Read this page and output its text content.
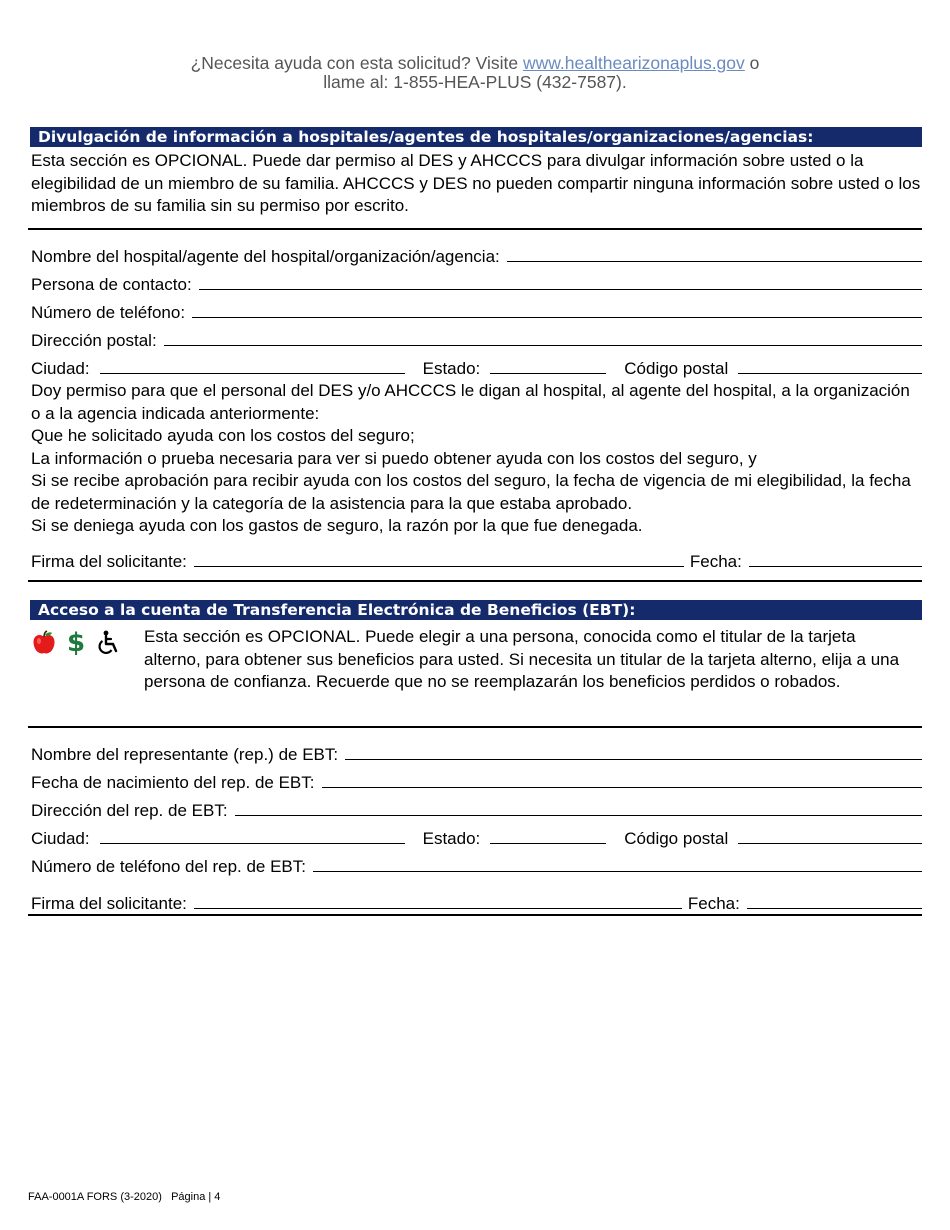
¿Necesita ayuda con esta solicitud? Visite www.healthearizonaplus.gov o
llame al: 1-855-HEA-PLUS (432-7587).
Divulgación de información a hospitales/agentes de hospitales/organizaciones/agencias:
Esta sección es OPCIONAL. Puede dar permiso al DES y AHCCCS para divulgar información sobre usted o la elegibilidad de un miembro de su familia. AHCCCS y DES no pueden compartir ninguna información sobre usted o los miembros de su familia sin su permiso por escrito.
Nombre del hospital/agente del hospital/organización/agencia:
Persona de contacto:
Número de teléfono:
Dirección postal:
Ciudad:	Estado:	Código postal
Doy permiso para que el personal del DES y/o AHCCCS le digan al hospital, al agente del hospital, a la organización o a la agencia indicada anteriormente:
Que he solicitado ayuda con los costos del seguro;
La información o prueba necesaria para ver si puedo obtener ayuda con los costos del seguro, y
Si se recibe aprobación para recibir ayuda con los costos del seguro, la fecha de vigencia de mi elegibilidad, la fecha de redeterminación y la categoría de la asistencia para la que estaba aprobado.
Si se deniega ayuda con los gastos de seguro, la razón por la que fue denegada.
Firma del solicitante:	Fecha:
Acceso a la cuenta de Transferencia Electrónica de Beneficios (EBT):
$	Esta sección es OPCIONAL. Puede elegir a una persona, conocida como el titular de la tarjeta alterno, para obtener sus beneficios para usted. Si necesita un titular de la tarjeta alterno, elija a una persona de confianza. Recuerde que no se reemplazarán los beneficios perdidos o robados.
Nombre del representante (rep.) de EBT:
Fecha de nacimiento del rep. de EBT:
Dirección del rep. de EBT:
Ciudad:	Estado:	Código postal
Número de teléfono del rep. de EBT:
Firma del solicitante:	Fecha:
FAA-0001A FORS (3-2020) Página | 4
